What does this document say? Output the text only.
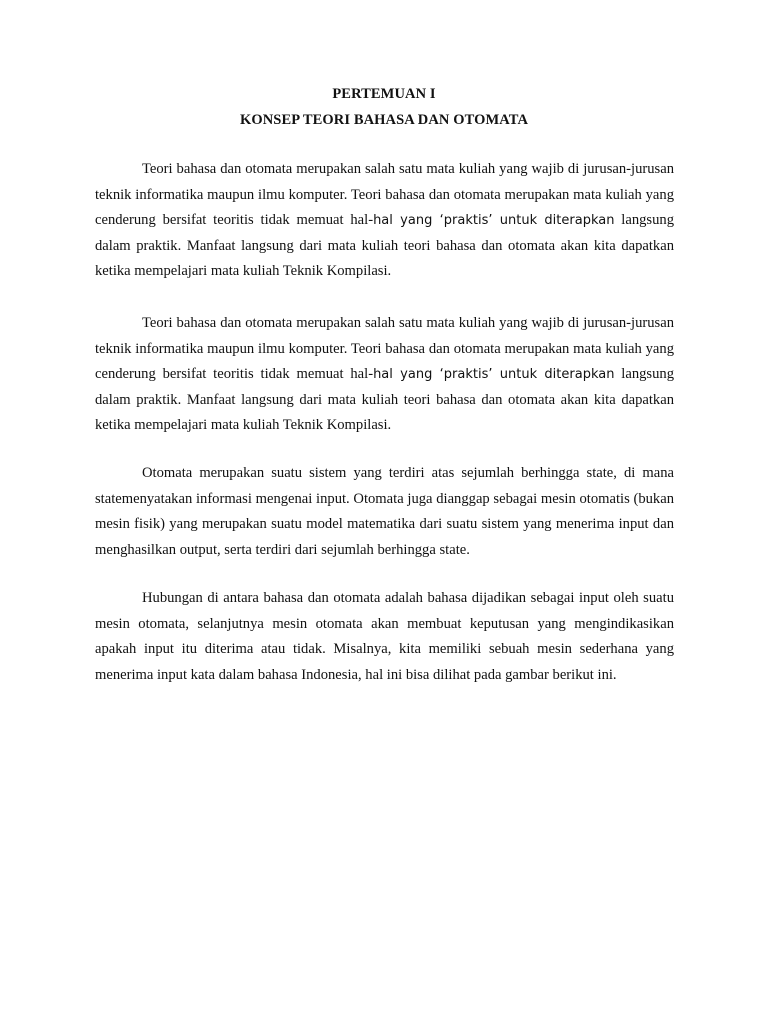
PERTEMUAN I
KONSEP TEORI BAHASA DAN OTOMATA

Teori bahasa dan otomata merupakan salah satu mata kuliah yang wajib di jurusan-jurusan teknik informatika maupun ilmu komputer. Teori bahasa dan otomata merupakan mata kuliah yang cenderung bersifat teoritis tidak memuat hal-hal yang ‘praktis’ untuk diterapkan langsung dalam praktik. Manfaat langsung dari mata kuliah teori bahasa dan otomata akan kita dapatkan ketika mempelajari mata kuliah Teknik Kompilasi.

Teori bahasa dan otomata merupakan salah satu mata kuliah yang wajib di jurusan-jurusan teknik informatika maupun ilmu komputer. Teori bahasa dan otomata merupakan mata kuliah yang cenderung bersifat teoritis tidak memuat hal-hal yang ‘praktis’ untuk diterapkan langsung dalam praktik. Manfaat langsung dari mata kuliah teori bahasa dan otomata akan kita dapatkan ketika mempelajari mata kuliah Teknik Kompilasi.

Otomata merupakan suatu sistem yang terdiri atas sejumlah berhingga state, di mana statemenyatakan informasi mengenai input. Otomata juga dianggap sebagai mesin otomatis (bukan mesin fisik) yang merupakan suatu model matematika dari suatu sistem yang menerima input dan menghasilkan output, serta terdiri dari sejumlah berhingga state.

Hubungan di antara bahasa dan otomata adalah bahasa dijadikan sebagai input oleh suatu mesin otomata, selanjutnya mesin otomata akan membuat keputusan yang mengindikasikan apakah input itu diterima atau tidak. Misalnya, kita memiliki sebuah mesin sederhana yang menerima input kata dalam bahasa Indonesia, hal ini bisa dilihat pada gambar berikut ini.
